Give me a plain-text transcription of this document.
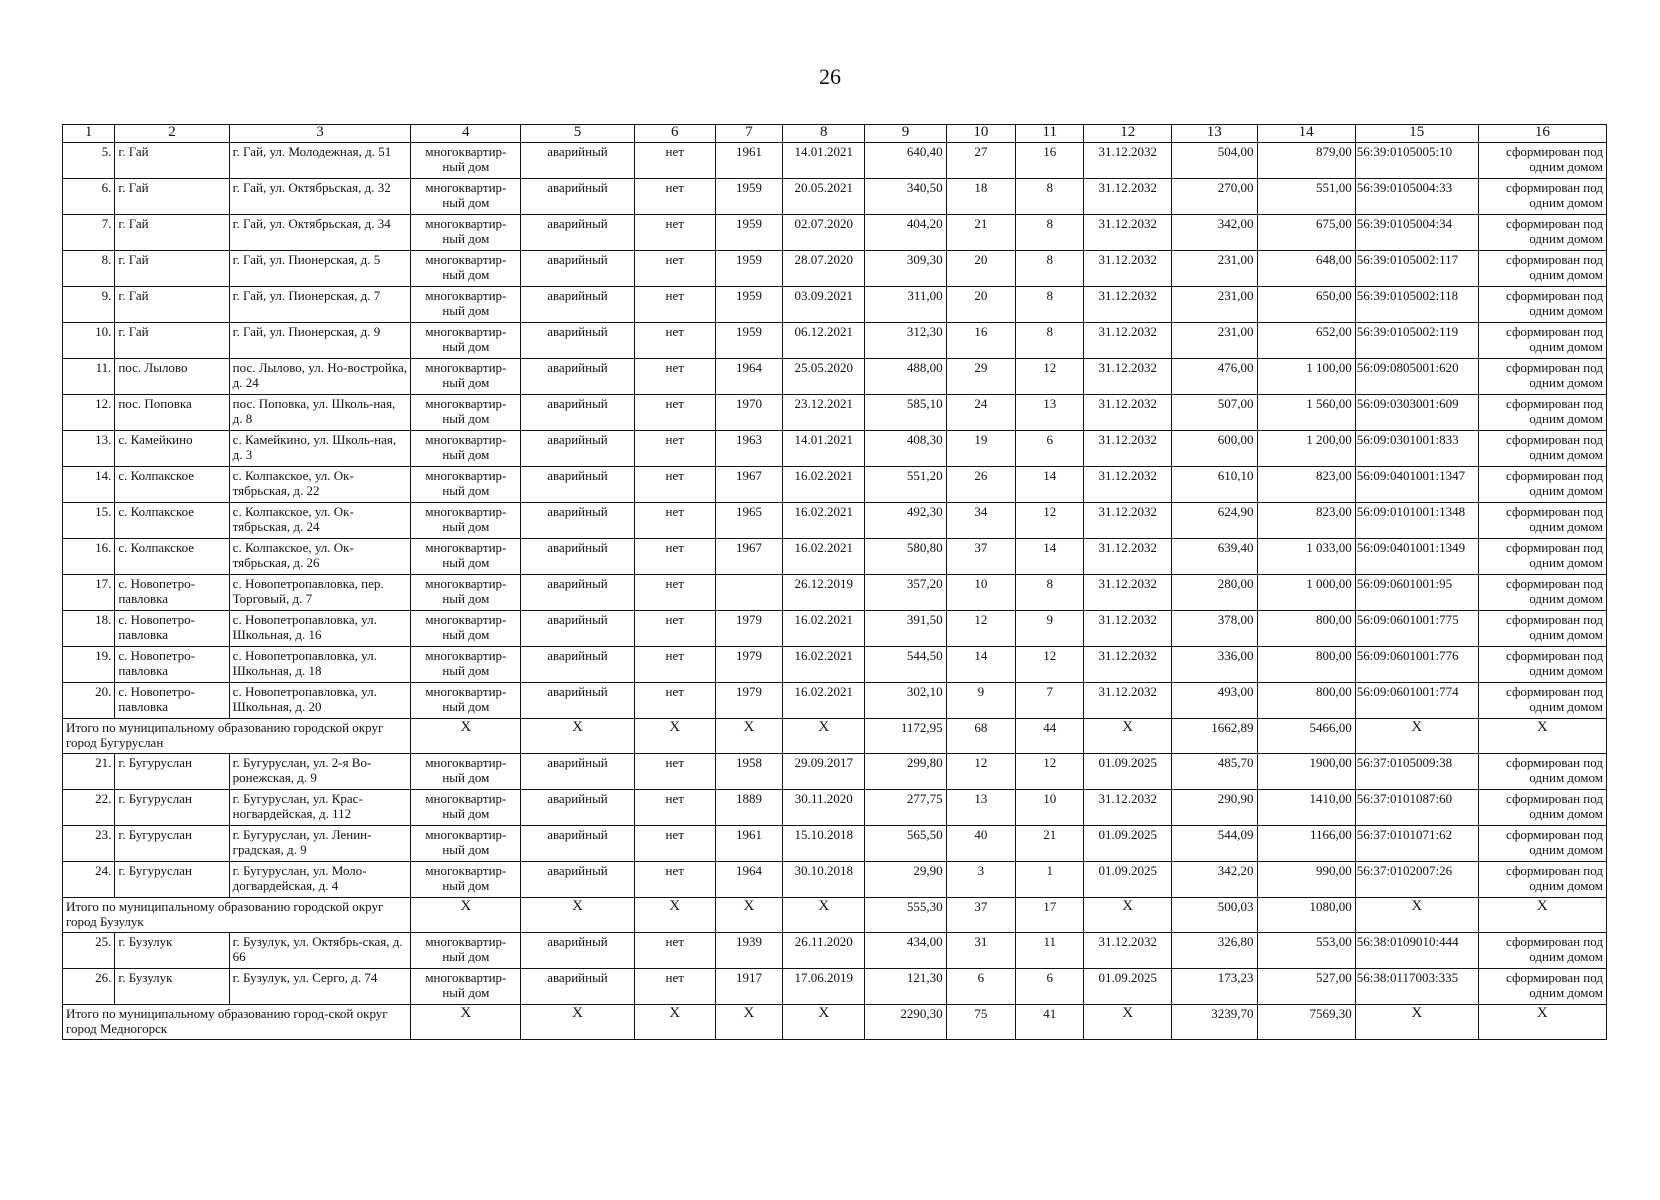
26
1	2	3	4	5	6	7	8	9	10	11	12	13	14	15	16
5.	г. Гай	г. Гай, ул. Молодежная, д. 51	многоквартир-ный дом	аварийный	нет	1961	14.01.2021	640,40	27	16	31.12.2032	504,00	879,00	56:39:0105005:10	сформирован под одним домом
6.	г. Гай	г. Гай, ул. Октябрьская, д. 32	многоквартир-ный дом	аварийный	нет	1959	20.05.2021	340,50	18	8	31.12.2032	270,00	551,00	56:39:0105004:33	сформирован под одним домом
7.	г. Гай	г. Гай, ул. Октябрьская, д. 34	многоквартир-ный дом	аварийный	нет	1959	02.07.2020	404,20	21	8	31.12.2032	342,00	675,00	56:39:0105004:34	сформирован под одним домом
8.	г. Гай	г. Гай, ул. Пионерская, д. 5	многоквартир-ный дом	аварийный	нет	1959	28.07.2020	309,30	20	8	31.12.2032	231,00	648,00	56:39:0105002:117	сформирован под одним домом
9.	г. Гай	г. Гай, ул. Пионерская, д. 7	многоквартир-ный дом	аварийный	нет	1959	03.09.2021	311,00	20	8	31.12.2032	231,00	650,00	56:39:0105002:118	сформирован под одним домом
10.	г. Гай	г. Гай, ул. Пионерская, д. 9	многоквартир-ный дом	аварийный	нет	1959	06.12.2021	312,30	16	8	31.12.2032	231,00	652,00	56:39:0105002:119	сформирован под одним домом
11.	пос. Лылово	пос. Лылово, ул. Но-востройка, д. 24	многоквартир-ный дом	аварийный	нет	1964	25.05.2020	488,00	29	12	31.12.2032	476,00	1 100,00	56:09:0805001:620	сформирован под одним домом
12.	пос. Поповка	пос. Поповка, ул. Школь-ная, д. 8	многоквартир-ный дом	аварийный	нет	1970	23.12.2021	585,10	24	13	31.12.2032	507,00	1 560,00	56:09:0303001:609	сформирован под одним домом
13.	с. Камейкино	с. Камейкино, ул. Школь-ная, д. 3	многоквартир-ный дом	аварийный	нет	1963	14.01.2021	408,30	19	6	31.12.2032	600,00	1 200,00	56:09:0301001:833	сформирован под одним домом
14.	с. Колпакское	с. Колпакское, ул. Ок-тябрьская, д. 22	многоквартир-ный дом	аварийный	нет	1967	16.02.2021	551,20	26	14	31.12.2032	610,10	823,00	56:09:0401001:1347	сформирован под одним домом
15.	с. Колпакское	с. Колпакское, ул. Ок-тябрьская, д. 24	многоквартир-ный дом	аварийный	нет	1965	16.02.2021	492,30	34	12	31.12.2032	624,90	823,00	56:09:0101001:1348	сформирован под одним домом
16.	с. Колпакское	с. Колпакское, ул. Ок-тябрьская, д. 26	многоквартир-ный дом	аварийный	нет	1967	16.02.2021	580,80	37	14	31.12.2032	639,40	1 033,00	56:09:0401001:1349	сформирован под одним домом
17.	с. Новопетро-павловка	с. Новопетропавловка, пер. Торговый, д. 7	многоквартир-ный дом	аварийный	нет		26.12.2019	357,20	10	8	31.12.2032	280,00	1 000,00	56:09:0601001:95	сформирован под одним домом
18.	с. Новопетро-павловка	с. Новопетропавловка, ул. Школьная, д. 16	многоквартир-ный дом	аварийный	нет	1979	16.02.2021	391,50	12	9	31.12.2032	378,00	800,00	56:09:0601001:775	сформирован под одним домом
19.	с. Новопетро-павловка	с. Новопетропавловка, ул. Школьная, д. 18	многоквартир-ный дом	аварийный	нет	1979	16.02.2021	544,50	14	12	31.12.2032	336,00	800,00	56:09:0601001:776	сформирован под одним домом
20.	с. Новопетро-павловка	с. Новопетропавловка, ул. Школьная, д. 20	многоквартир-ный дом	аварийный	нет	1979	16.02.2021	302,10	9	7	31.12.2032	493,00	800,00	56:09:0601001:774	сформирован под одним домом
Итого по муниципальному образованию городской округ город Бугуруслан			X	X	X	X	X	1172,95	68	44	X	1662,89	5466,00	X	X
21.	г. Бугуруслан	г. Бугуруслан, ул. 2-я Во-ронежская, д. 9	многоквартир-ный дом	аварийный	нет	1958	29.09.2017	299,80	12	12	01.09.2025	485,70	1900,00	56:37:0105009:38	сформирован под одним домом
22.	г. Бугуруслан	г. Бугуруслан, ул. Крас-ногвардейская, д. 112	многоквартир-ный дом	аварийный	нет	1889	30.11.2020	277,75	13	10	31.12.2032	290,90	1410,00	56:37:0101087:60	сформирован под одним домом
23.	г. Бугуруслан	г. Бугуруслан, ул. Ленин-градская, д. 9	многоквартир-ный дом	аварийный	нет	1961	15.10.2018	565,50	40	21	01.09.2025	544,09	1166,00	56:37:0101071:62	сформирован под одним домом
24.	г. Бугуруслан	г. Бугуруслан, ул. Моло-догвардейская, д. 4	многоквартир-ный дом	аварийный	нет	1964	30.10.2018	29,90	3	1	01.09.2025	342,20	990,00	56:37:0102007:26	сформирован под одним домом
Итого по муниципальному образованию городской округ город Бузулук			X	X	X	X	X	555,30	37	17	X	500,03	1080,00	X	X
25.	г. Бузулук	г. Бузулук, ул. Октябрь-ская, д. 66	многоквартир-ный дом	аварийный	нет	1939	26.11.2020	434,00	31	11	31.12.2032	326,80	553,00	56:38:0109010:444	сформирован под одним домом
26.	г. Бузулук	г. Бузулук, ул. Серго, д. 74	многоквартир-ный дом	аварийный	нет	1917	17.06.2019	121,30	6	6	01.09.2025	173,23	527,00	56:38:0117003:335	сформирован под одним домом
Итого по муниципальному образованию город-ской округ город Медногорск			X	X	X	X	X	2290,30	75	41	X	3239,70	7569,30	X	X
